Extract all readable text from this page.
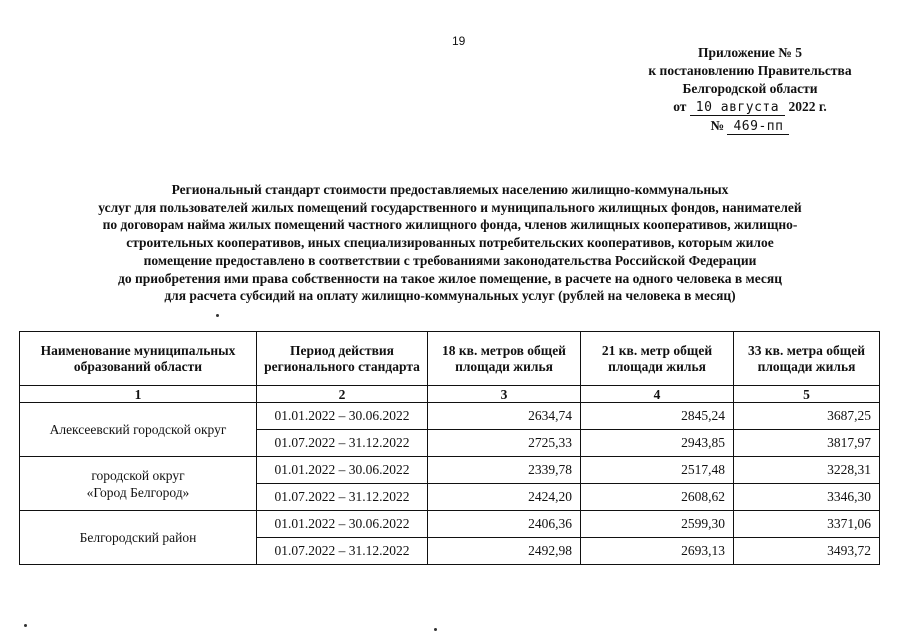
19
Приложение № 5
к постановлению Правительства
Белгородской области
от 10 августа 2022 г.
№ 469-пп
Региональный стандарт стоимости предоставляемых населению жилищно-коммунальных
услуг для пользователей жилых помещений государственного и муниципального жилищных фондов, нанимателей
по договорам найма жилых помещений частного жилищного фонда, членов жилищных кооперативов, жилищно-
строительных кооперативов, иных специализированных потребительских кооперативов, которым жилое
помещение предоставлено в соответствии с требованиями законодательства Российской Федерации
до приобретения ими права собственности на такое жилое помещение, в расчете на одного человека в месяц
для расчета субсидий на оплату жилищно-коммунальных услуг (рублей на человека в месяц)
Наименование муниципальных образований области	Период действия регионального стандарта	18 кв. метров общей площади жилья	21 кв. метр общей площади жилья	33 кв. метра общей площади жилья
1	2	3	4	5

Алексеевский городской округ	01.01.2022 – 30.06.2022	2634,74	2845,24	3687,25
	01.07.2022 – 31.12.2022	2725,33	2943,85	3817,97

городской округ
«Город Белгород»	01.01.2022 – 30.06.2022	2339,78	2517,48	3228,31
	01.07.2022 – 31.12.2022	2424,20	2608,62	3346,30

Белгородский район	01.01.2022 – 30.06.2022	2406,36	2599,30	3371,06
	01.07.2022 – 31.12.2022	2492,98	2693,13	3493,72
